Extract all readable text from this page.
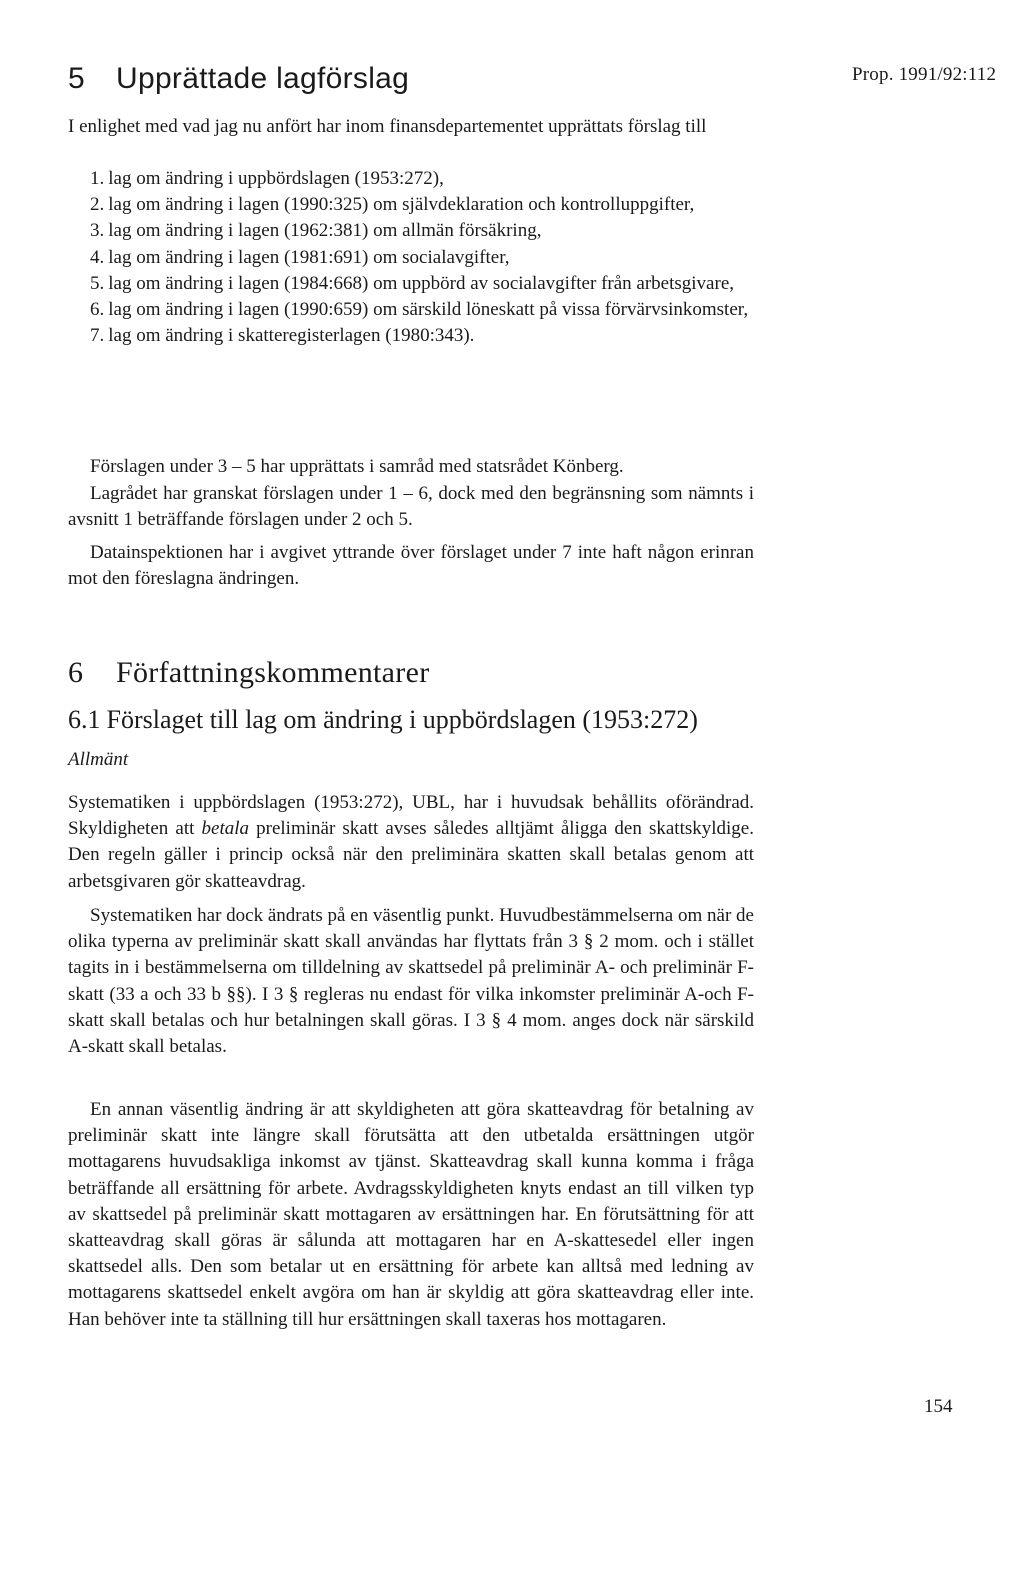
Prop. 1991/92:112
154
5 Upprättade lagförslag

I enlighet med vad jag nu anfört har inom finansdepartementet upprättats förslag till

1. lag om ändring i uppbördslagen (1953:272),
2. lag om ändring i lagen (1990:325) om självdeklaration och kontrolluppgifter,
3. lag om ändring i lagen (1962:381) om allmän försäkring,
4. lag om ändring i lagen (1981:691) om socialavgifter,
5. lag om ändring i lagen (1984:668) om uppbörd av socialavgifter från arbetsgivare,
6. lag om ändring i lagen (1990:659) om särskild löneskatt på vissa förvärvsinkomster,
7. lag om ändring i skatteregisterlagen (1980:343).

Förslagen under 3 – 5 har upprättats i samråd med statsrådet Könberg.

Lagrådet har granskat förslagen under 1 – 6, dock med den begränsning som nämnts i avsnitt 1 beträffande förslagen under 2 och 5.

Datainspektionen har i avgivet yttrande över förslaget under 7 inte haft någon erinran mot den föreslagna ändringen.

6 Författningskommentarer
6.1 Förslaget till lag om ändring i uppbördslagen (1953:272)
Allmänt

Systematiken i uppbördslagen (1953:272), UBL, har i huvudsak behållits oförändrad. Skyldigheten att betala preliminär skatt avses således alltjämt åligga den skattskyldige. Den regeln gäller i princip också när den preliminära skatten skall betalas genom att arbetsgivaren gör skatteavdrag.

Systematiken har dock ändrats på en väsentlig punkt. Huvudbestämmelserna om när de olika typerna av preliminär skatt skall användas har flyttats från 3 § 2 mom. och i stället tagits in i bestämmelserna om tilldelning av skattsedel på preliminär A- och preliminär F-skatt (33 a och 33 b §§). I 3 § regleras nu endast för vilka inkomster preliminär A-och F-skatt skall betalas och hur betalningen skall göras. I 3 § 4 mom. anges dock när särskild A-skatt skall betalas.

En annan väsentlig ändring är att skyldigheten att göra skatteavdrag för betalning av preliminär skatt inte längre skall förutsätta att den utbetalda ersättningen utgör mottagarens huvudsakliga inkomst av tjänst. Skatteavdrag skall kunna komma i fråga beträffande all ersättning för arbete. Avdragsskyldigheten knyts endast an till vilken typ av skattsedel på preliminär skatt mottagaren av ersättningen har. En förutsättning för att skatteavdrag skall göras är sålunda att mottagaren har en A-skattesedel eller ingen skattsedel alls. Den som betalar ut en ersättning för arbete kan alltså med ledning av mottagarens skattsedel enkelt avgöra om han är skyldig att göra skatteavdrag eller inte. Han behöver inte ta ställning till hur ersättningen skall taxeras hos mottagaren.
